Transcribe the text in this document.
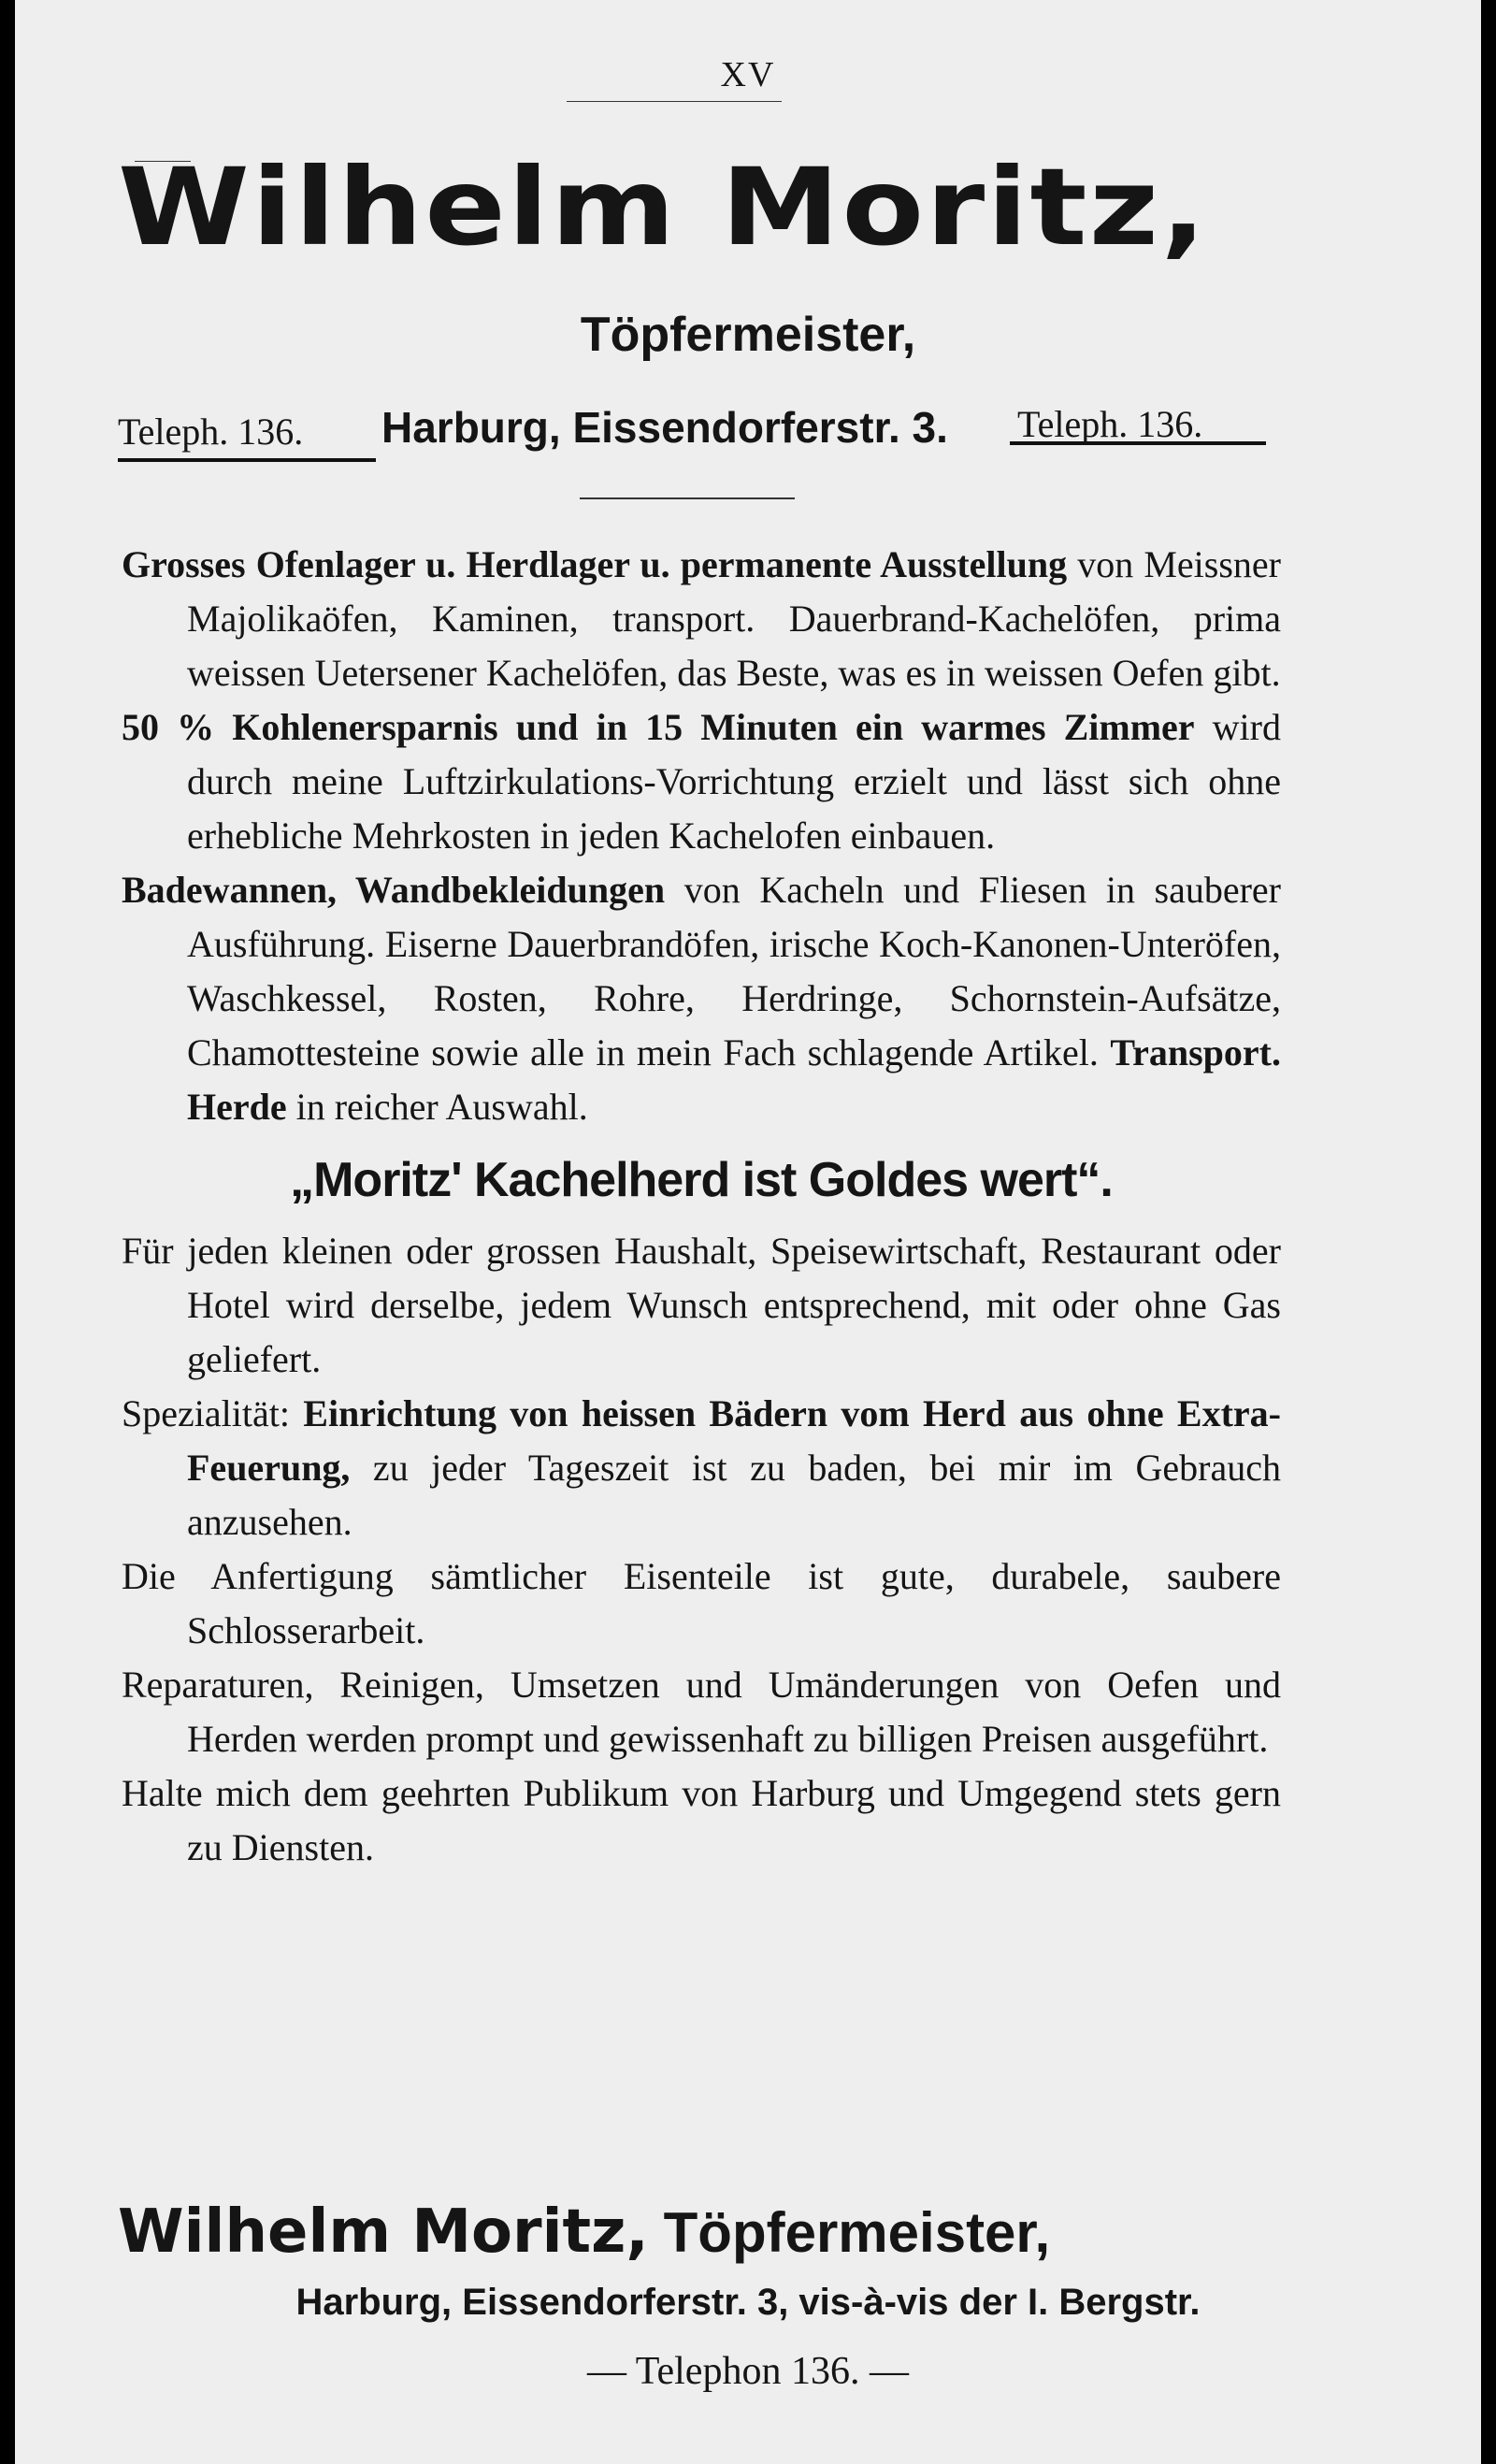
XV
Wilhelm Moritz,
Töpfermeister,
Teleph. 136. Harburg, Eissendorferstr. 3. Teleph. 136.

Grosses Ofenlager u. Herdlager u. permanente Ausstellung von Meissner Majolikaöfen, Kaminen, transport. Dauerbrand-Kachelöfen, prima weissen Uetersener Kachelöfen, das Beste, was es in weissen Oefen gibt.

50 % Kohlenersparnis und in 15 Minuten ein warmes Zimmer wird durch meine Luftzirkulations-Vorrichtung erzielt und lässt sich ohne erhebliche Mehrkosten in jeden Kachelofen einbauen.

Badewannen, Wandbekleidungen von Kacheln und Fliesen in sauberer Ausführung. Eiserne Dauerbrandöfen, irische Koch-Kanonen-Unteröfen, Waschkessel, Rosten, Rohre, Herdringe, Schornstein-Aufsätze, Chamottesteine sowie alle in mein Fach schlagende Artikel. Transport. Herde in reicher Auswahl.

„Moritz' Kachelherd ist Goldes wert“.

Für jeden kleinen oder grossen Haushalt, Speisewirtschaft, Restaurant oder Hotel wird derselbe, jedem Wunsch entsprechend, mit oder ohne Gas geliefert.

Spezialität: Einrichtung von heissen Bädern vom Herd aus ohne Extra-Feuerung, zu jeder Tageszeit ist zu baden, bei mir im Gebrauch anzusehen.

Die Anfertigung sämtlicher Eisenteile ist gute, durabele, saubere Schlosserarbeit.

Reparaturen, Reinigen, Umsetzen und Umänderungen von Oefen und Herden werden prompt und gewissenhaft zu billigen Preisen ausgeführt.

Halte mich dem geehrten Publikum von Harburg und Umgegend stets gern zu Diensten.

Wilhelm Moritz, Töpfermeister,
Harburg, Eissendorferstr. 3, vis-à-vis der I. Bergstr.
— Telephon 136. —
